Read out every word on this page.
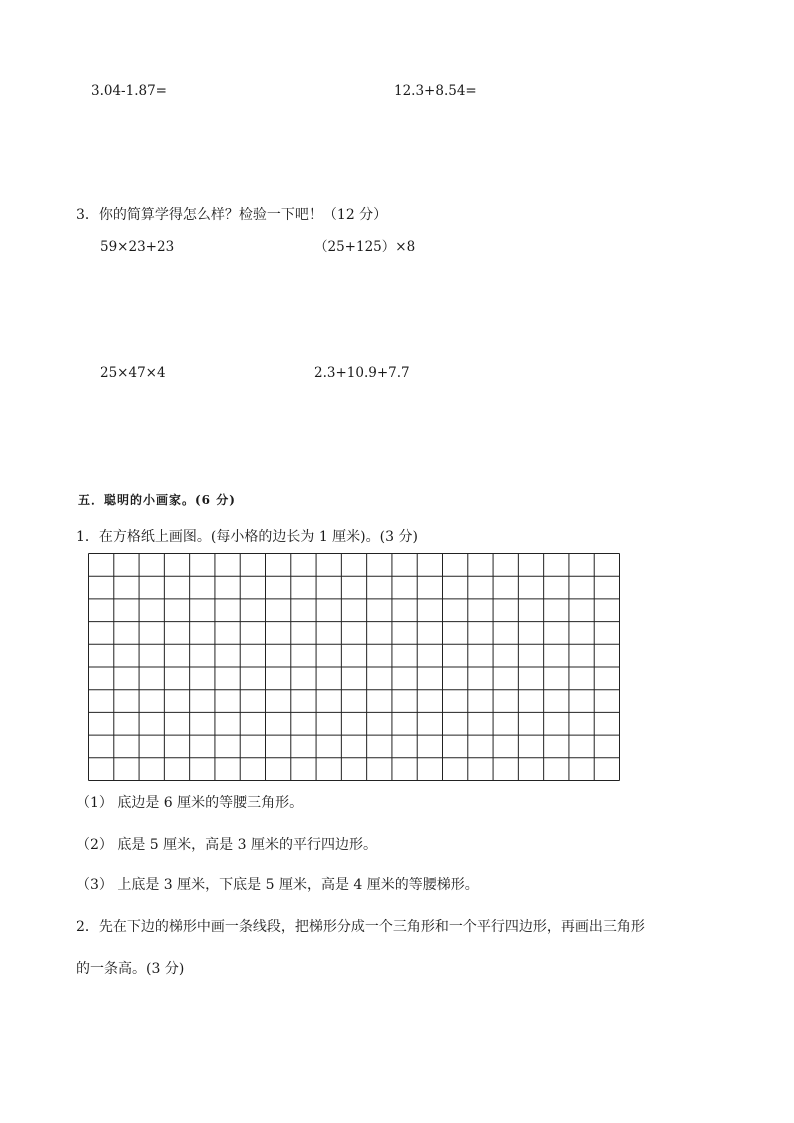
3.04-1.87=	12.3+8.54=
3．你的简算学得怎么样？检验一下吧！（12 分）
59×23+23	（25+125）×8
25×47×4	2.3+10.9+7.7
五．聪明的小画家。(6 分)
1．在方格纸上画图。(每小格的边长为 1 厘米)。(3 分)
（1） 底边是 6 厘米的等腰三角形。
（2） 底是 5 厘米，高是 3 厘米的平行四边形。
（3） 上底是 3 厘米，下底是 5 厘米，高是 4 厘米的等腰梯形。
2．先在下边的梯形中画一条线段，把梯形分成一个三角形和一个平行四边形，再画出三角形
的一条高。(3 分)
